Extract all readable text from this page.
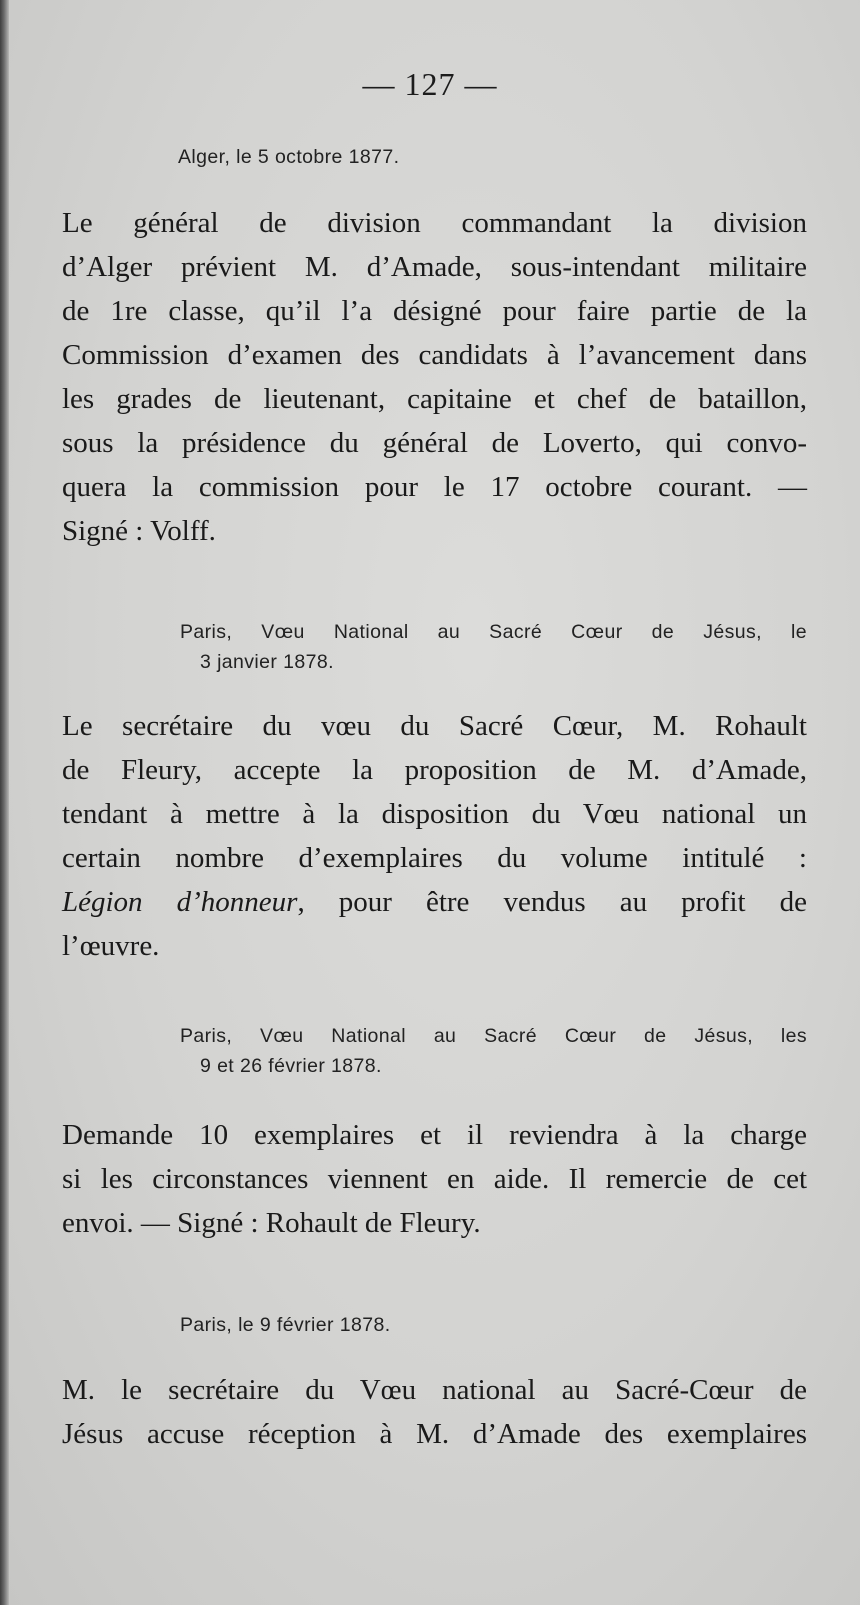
— 127 —
Alger, le 5 octobre 1877.
Le général de division commandant la division
d’Alger prévient M. d’Amade, sous-intendant militaire
de 1re classe, qu’il l’a désigné pour faire partie de la
Commission d’examen des candidats à l’avancement dans
les grades de lieutenant, capitaine et chef de bataillon,
sous la présidence du général de Loverto, qui convo-
quera la commission pour le 17 octobre courant. —
Signé : Volff.
Paris, Vœu National au Sacré Cœur de Jésus, le
3 janvier 1878.
Le secrétaire du vœu du Sacré Cœur, M. Rohault
de Fleury, accepte la proposition de M. d’Amade,
tendant à mettre à la disposition du Vœu national un
certain nombre d’exemplaires du volume intitulé :
Légion d’honneur, pour être vendus au profit de
l’œuvre.
Paris, Vœu National au Sacré Cœur de Jésus, les
9 et 26 février 1878.
Demande 10 exemplaires et il reviendra à la charge
si les circonstances viennent en aide. Il remercie de cet
envoi. — Signé : Rohault de Fleury.
Paris, le 9 février 1878.
M. le secrétaire du Vœu national au Sacré-Cœur de
Jésus accuse réception à M. d’Amade des exemplaires
